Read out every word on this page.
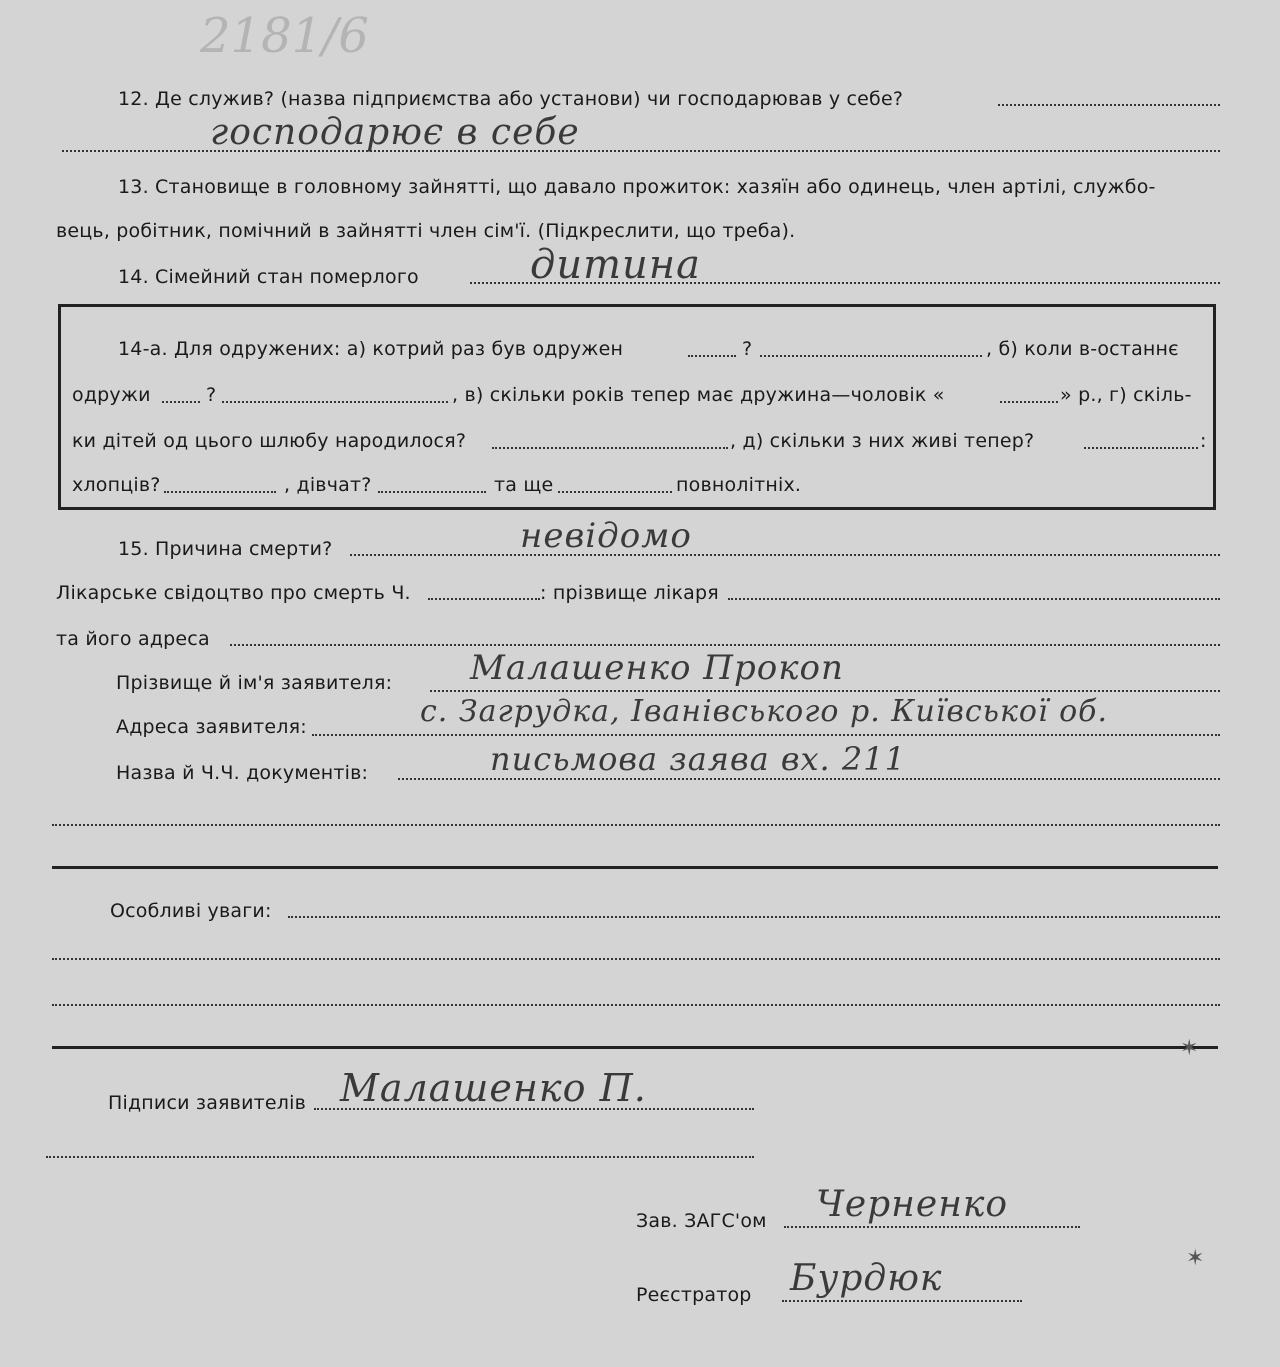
2181/6
12. Де служив? (назва підприємства або установи) чи господарював у себе?
господарює в себе
13. Становище в головному зайнятті, що давало прожиток: хазяїн або одинець, член артілі, службо-
вець, робітник, помічний в зайнятті член сім'ї. (Підкреслити, що треба).
14. Сімейний стан померлого	дитина
14-а. Для одружених: а) котрий раз був одружен	?	, б) коли в-останнє
одружи	?	, в) скільки років тепер має дружина—чоловік «	» р., г) скіль-
ки дітей од цього шлюбу народилося?	, д) скільки з них живі тепер?	:
хлопців?	, дівчат?	та ще	повнолітніх.
15. Причина смерти?	невідомо
Лікарське свідоцтво про смерть Ч.	: прізвище лікаря
та його адреса
Прізвище й ім'я заявителя: Малашенко Прокоп
Адреса заявителя:	с. Загрудка, Іванівського р. Київської об.
Назва й Ч.Ч. документів:	письмова заява вх. 211
Особливі уваги:
✶
Підписи заявителів Малашенко П.
Зав. ЗАГС'ом Черненко
✶
Реєстратор Бурдюк
